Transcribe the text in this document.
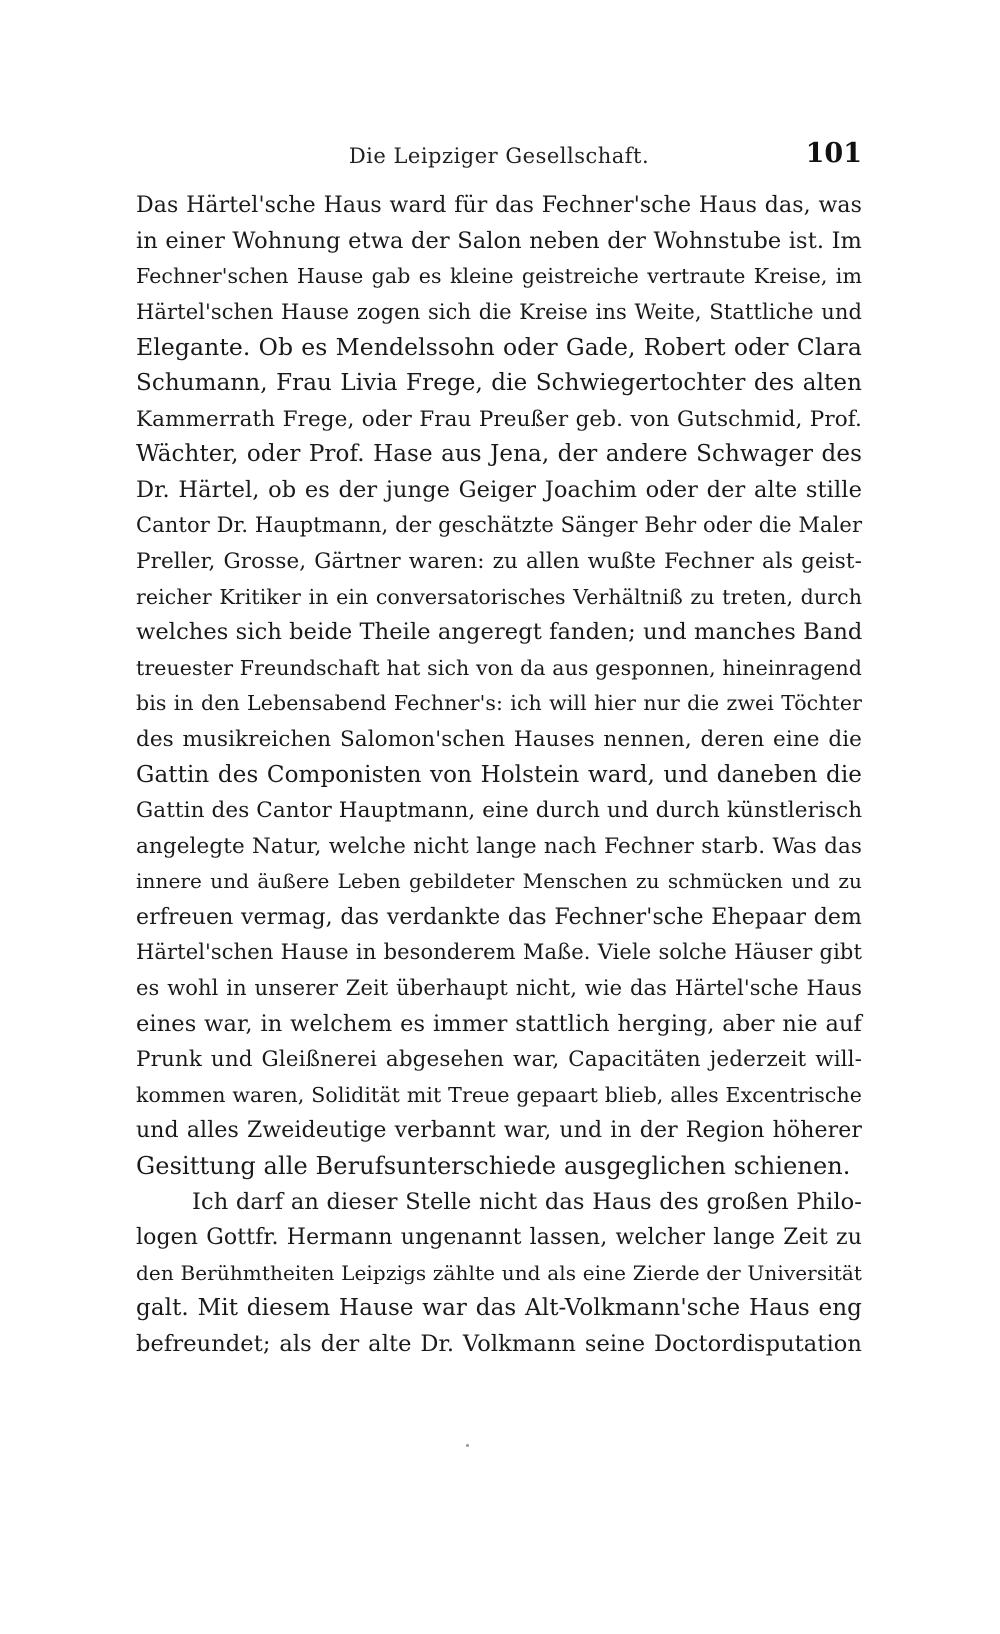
Die Leipziger Gesellschaft.	101
Das Härtel'sche Haus ward für das Fechner'sche Haus das, was
in einer Wohnung etwa der Salon neben der Wohnstube ist. Im
Fechner'schen Hause gab es kleine geistreiche vertraute Kreise, im
Härtel'schen Hause zogen sich die Kreise ins Weite, Stattliche und
Elegante. Ob es Mendelssohn oder Gade, Robert oder Clara
Schumann, Frau Livia Frege, die Schwiegertochter des alten
Kammerrath Frege, oder Frau Preußer geb. von Gutschmid, Prof.
Wächter, oder Prof. Hase aus Jena, der andere Schwager des
Dr. Härtel, ob es der junge Geiger Joachim oder der alte stille
Cantor Dr. Hauptmann, der geschätzte Sänger Behr oder die Maler
Preller, Grosse, Gärtner waren: zu allen wußte Fechner als geist-
reicher Kritiker in ein conversatorisches Verhältniß zu treten, durch
welches sich beide Theile angeregt fanden; und manches Band
treuester Freundschaft hat sich von da aus gesponnen, hineinragend
bis in den Lebensabend Fechner's: ich will hier nur die zwei Töchter
des musikreichen Salomon'schen Hauses nennen, deren eine die
Gattin des Componisten von Holstein ward, und daneben die
Gattin des Cantor Hauptmann, eine durch und durch künstlerisch
angelegte Natur, welche nicht lange nach Fechner starb. Was das
innere und äußere Leben gebildeter Menschen zu schmücken und zu
erfreuen vermag, das verdankte das Fechner'sche Ehepaar dem
Härtel'schen Hause in besonderem Maße. Viele solche Häuser gibt
es wohl in unserer Zeit überhaupt nicht, wie das Härtel'sche Haus
eines war, in welchem es immer stattlich herging, aber nie auf
Prunk und Gleißnerei abgesehen war, Capacitäten jederzeit will-
kommen waren, Solidität mit Treue gepaart blieb, alles Excentrische
und alles Zweideutige verbannt war, und in der Region höherer
Gesittung alle Berufsunterschiede ausgeglichen schienen.
Ich darf an dieser Stelle nicht das Haus des großen Philo-
logen Gottfr. Hermann ungenannt lassen, welcher lange Zeit zu
den Berühmtheiten Leipzigs zählte und als eine Zierde der Universität
galt. Mit diesem Hause war das Alt-Volkmann'sche Haus eng
befreundet; als der alte Dr. Volkmann seine Doctordisputation
